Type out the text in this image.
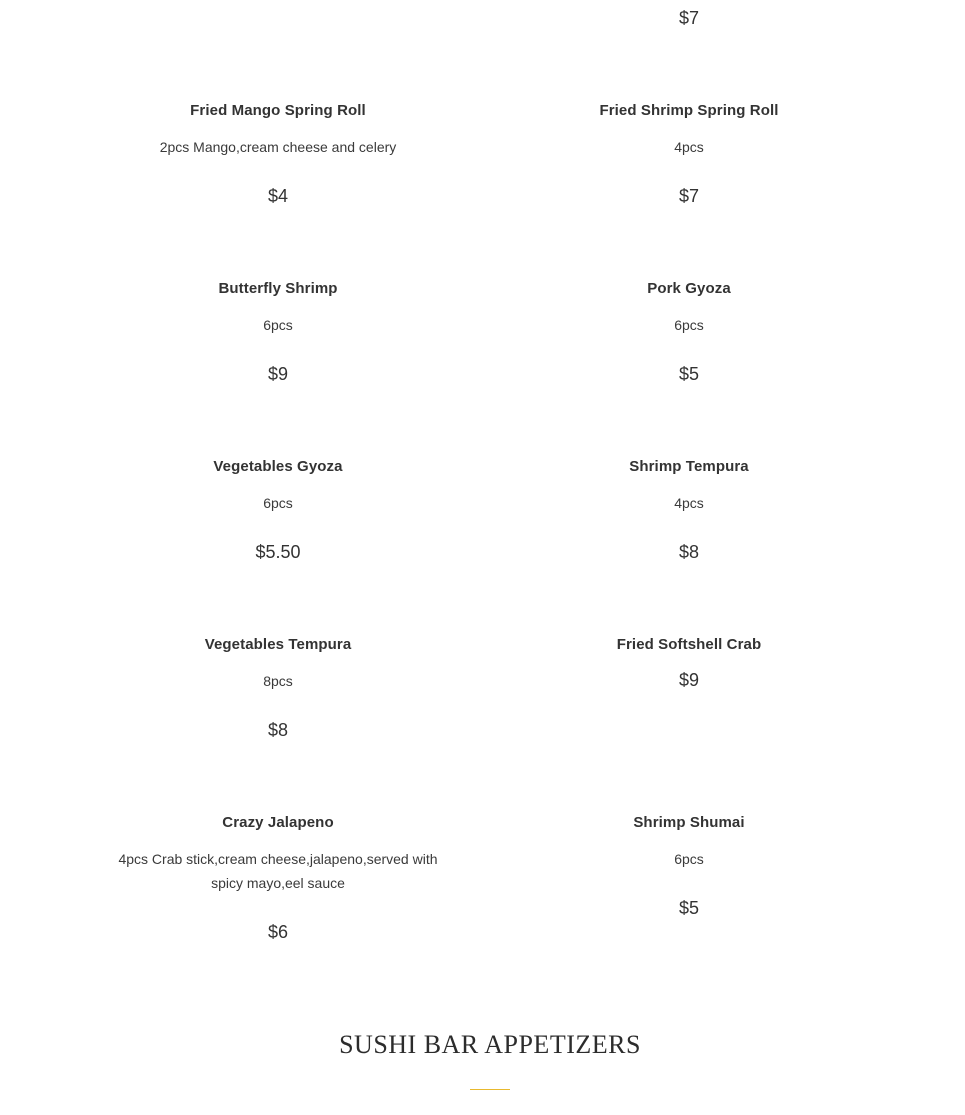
$7
Fried Mango Spring Roll
2pcs Mango,cream cheese and celery
$4
Fried Shrimp Spring Roll
4pcs
$7
Butterfly Shrimp
6pcs
$9
Pork Gyoza
6pcs
$5
Vegetables Gyoza
6pcs
$5.50
Shrimp Tempura
4pcs
$8
Vegetables Tempura
8pcs
$8
Fried Softshell Crab
$9
Crazy Jalapeno
4pcs Crab stick,cream cheese,jalapeno,served with spicy mayo,eel sauce
$6
Shrimp Shumai
6pcs
$5
SUSHI BAR APPETIZERS
